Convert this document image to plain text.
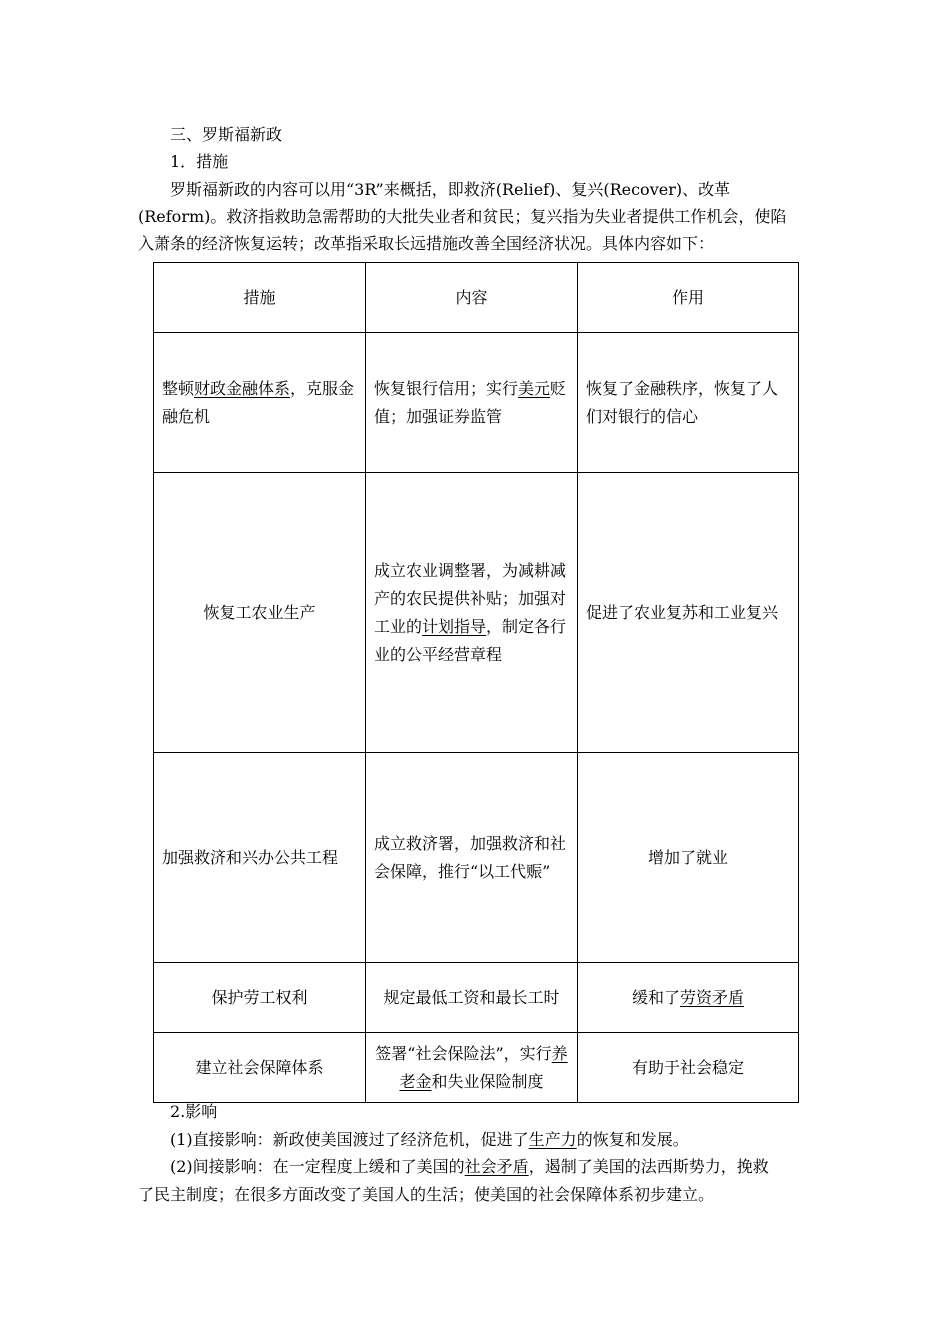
三、罗斯福新政
1．措施
罗斯福新政的内容可以用“3R”来概括，即救济(Relief)、复兴(Recover)、改革
(Reform)。救济指救助急需帮助的大批失业者和贫民；复兴指为失业者提供工作机会，使陷
入萧条的经济恢复运转；改革指采取长远措施改善全国经济状况。具体内容如下：
措施	内容	作用
整顿财政金融体系，克服金融危机	恢复银行信用；实行美元贬值；加强证券监管	恢复了金融秩序，恢复了人们对银行的信心
恢复工农业生产	成立农业调整署，为减耕减产的农民提供补贴；加强对工业的计划指导，制定各行业的公平经营章程	促进了农业复苏和工业复兴
加强救济和兴办公共工程	成立救济署，加强救济和社会保障，推行“以工代赈”	增加了就业
保护劳工权利	规定最低工资和最长工时	缓和了劳资矛盾
建立社会保障体系	签署“社会保险法”，实行养老金和失业保险制度	有助于社会稳定
2.影响
(1)直接影响：新政使美国渡过了经济危机，促进了生产力的恢复和发展。
(2)间接影响：在一定程度上缓和了美国的社会矛盾，遏制了美国的法西斯势力，挽救
了民主制度；在很多方面改变了美国人的生活；使美国的社会保障体系初步建立。
